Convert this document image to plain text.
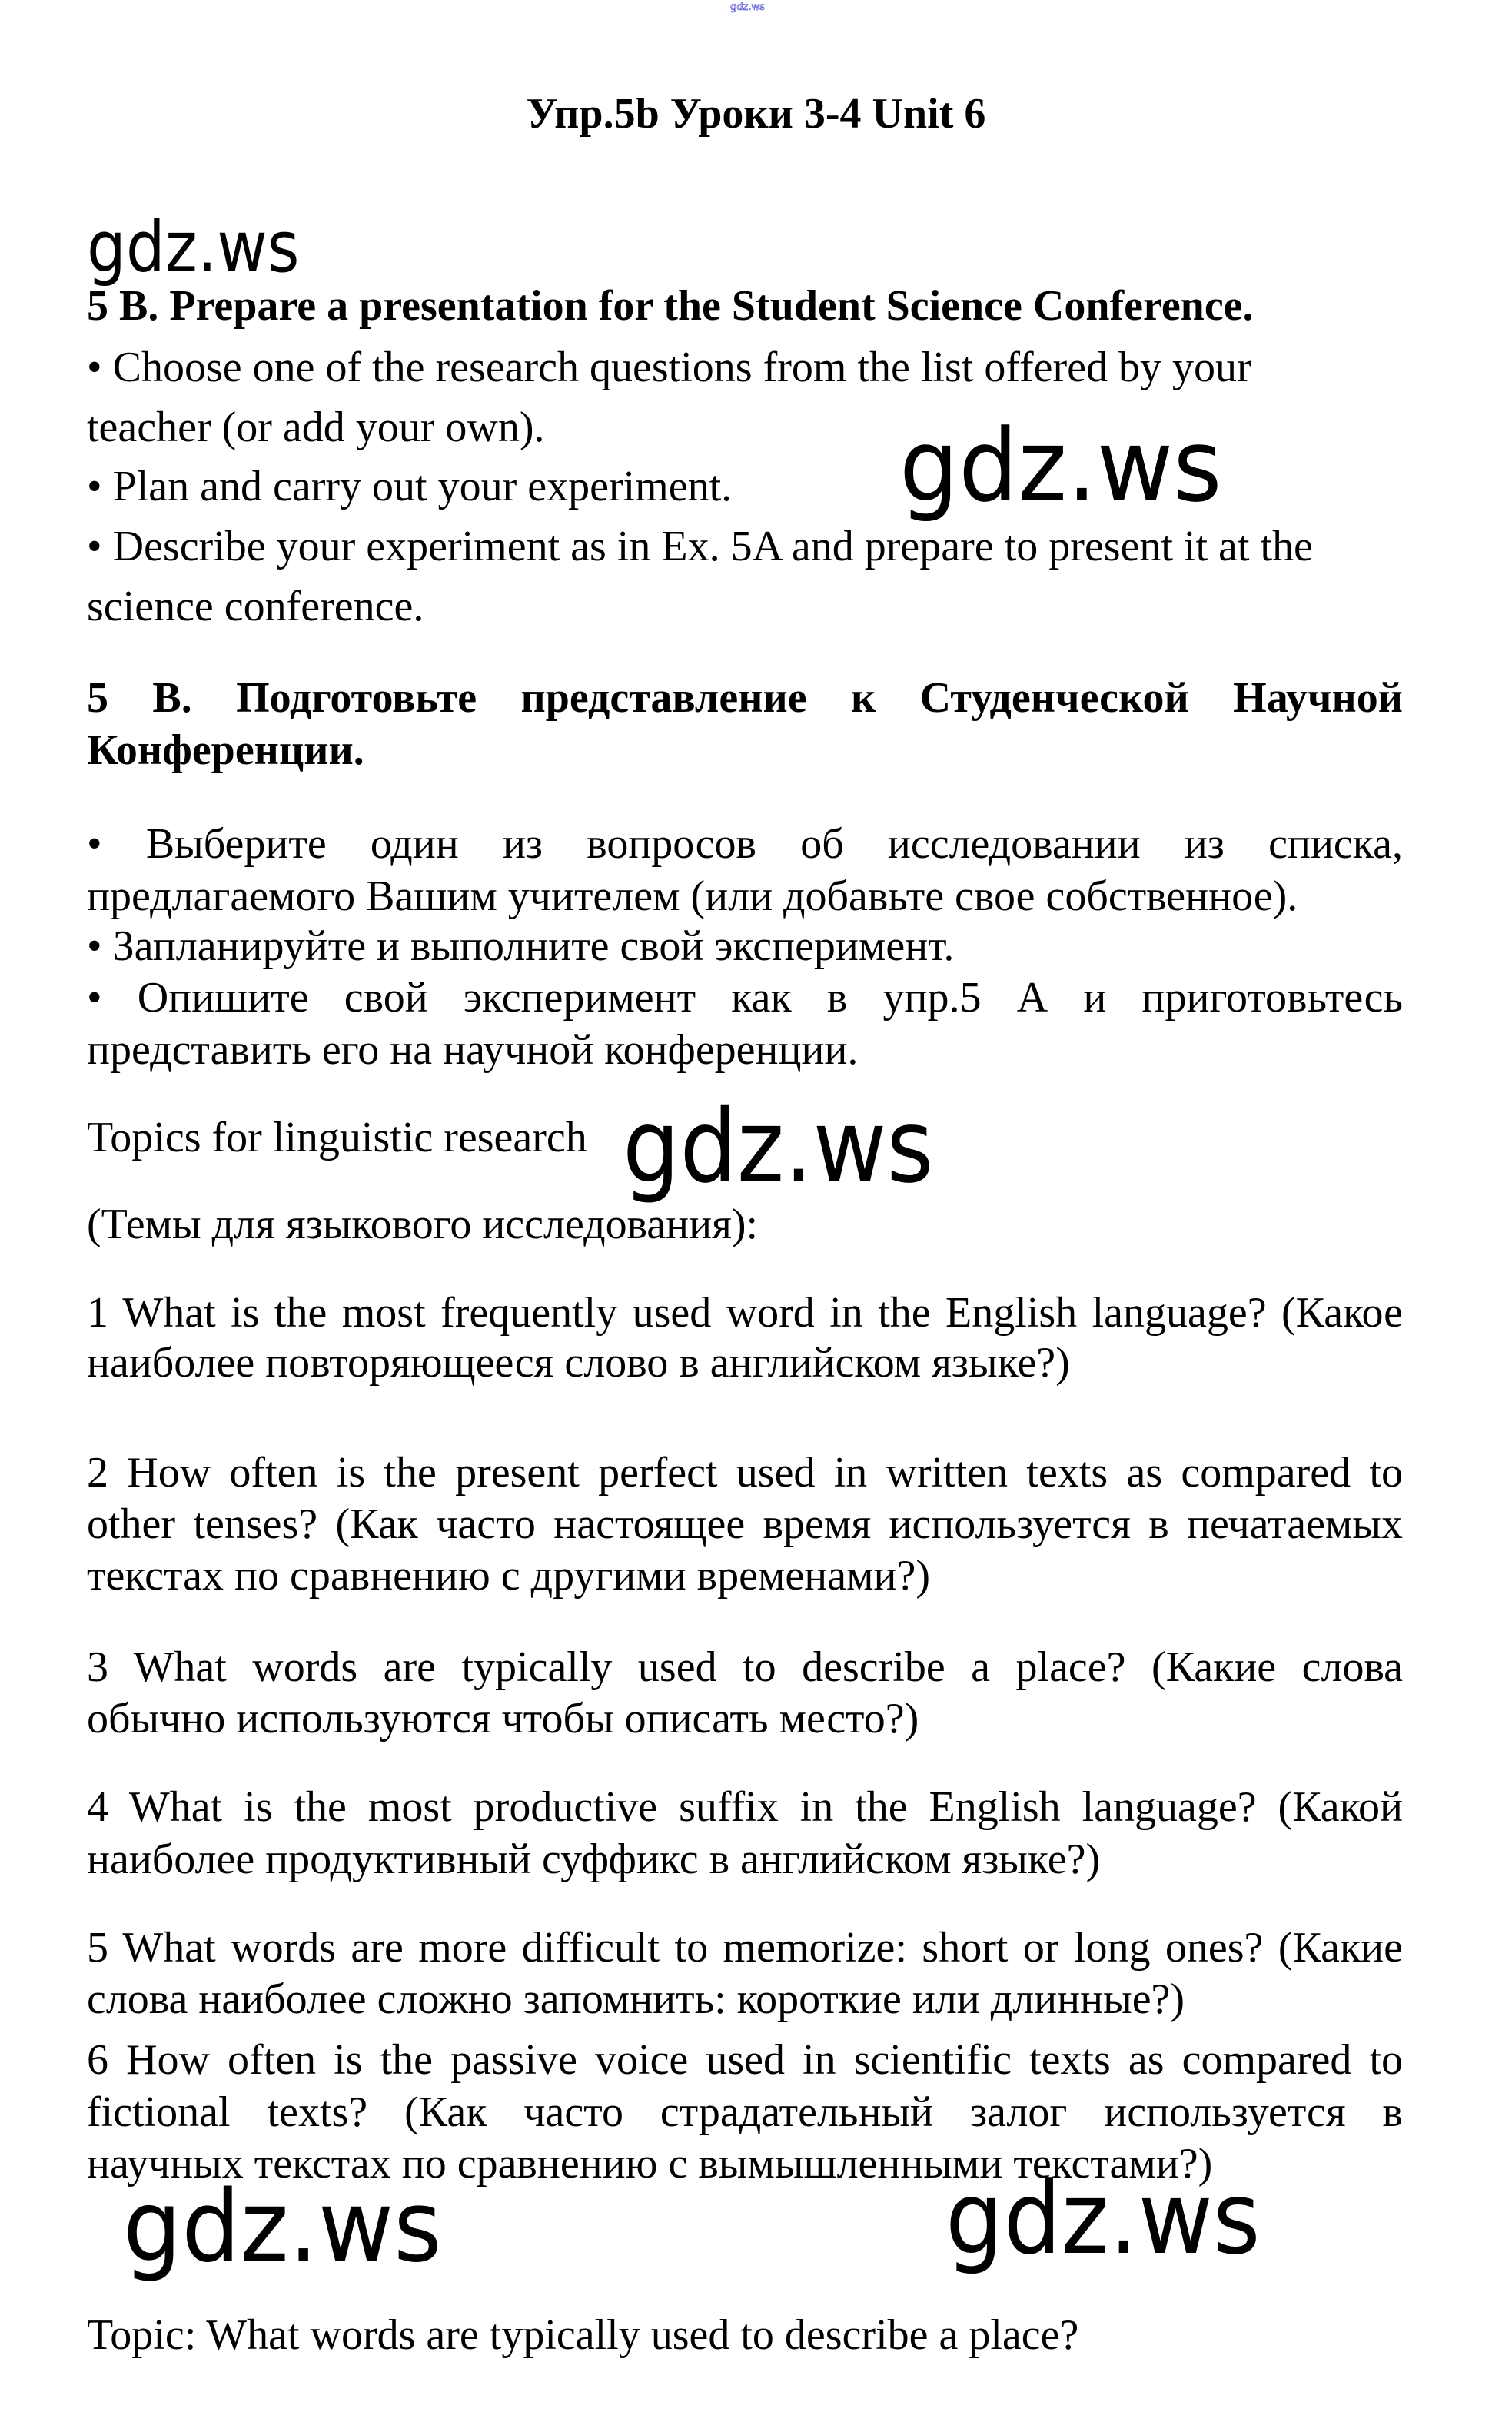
gdz.ws
Упр.5b Уроки 3-4 Unit 6
gdz.ws
gdz.ws
gdz.ws
gdz.ws	gdz.ws
5 B. Prepare a presentation for the Student Science Conference.
• Choose one of the research questions from the list offered by your
teacher (or add your own).
• Plan and carry out your experiment.
• Describe your experiment as in Ex. 5A and prepare to present it at the
science conference.
5 В. Подготовьте представление к Студенческой Научной
Конференции.
• Выберите один из вопросов об исследовании из списка,
предлагаемого Вашим учителем (или добавьте свое собственное).
• Запланируйте и выполните свой эксперимент.
• Опишите свой эксперимент как в упр.5 А и приготовьтесь
представить его на научной конференции.
Topics for linguistic research
(Темы для языкового исследования):
1 What is the most frequently used word in the English language? (Какое
наиболее повторяющееся слово в английском языке?)
2 How often is the present perfect used in written texts as compared to
other tenses? (Как часто настоящее время используется в печатаемых
текстах по сравнению с другими временами?)
3 What words are typically used to describe a place? (Какие слова
обычно используются чтобы описать место?)
4 What is the most productive suffix in the English language? (Какой
наиболее продуктивный суффикс в английском языке?)
5 What words are more difficult to memorize: short or long ones? (Какие
слова наиболее сложно запомнить: короткие или длинные?)
6 How often is the passive voice used in scientific texts as compared to
fictional texts? (Как часто страдательный залог используется в
научных текстах по сравнению с вымышленными текстами?)
Topic: What words are typically used to describe a place?
